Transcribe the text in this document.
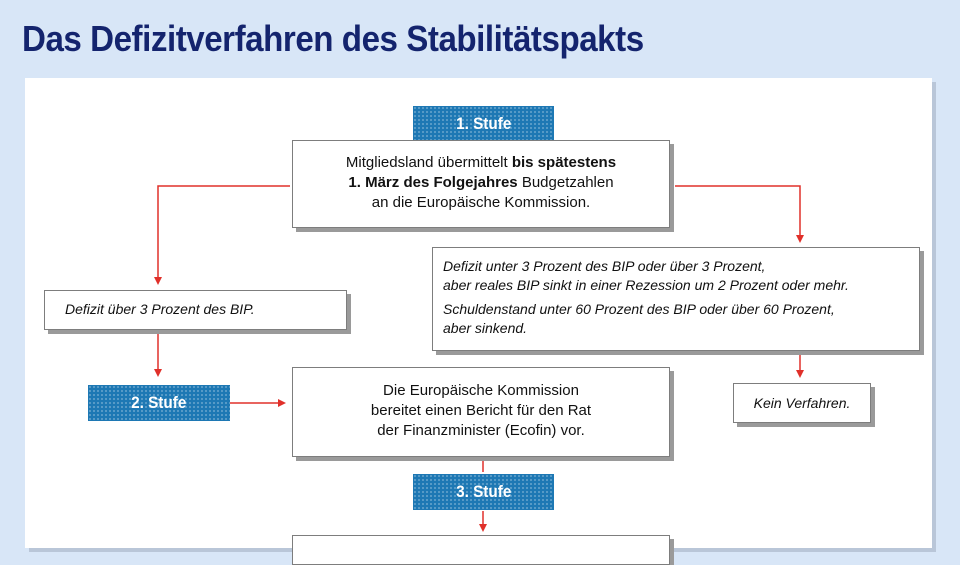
Das Defizitverfahren des Stabilitätspakts
1. Stufe
2. Stufe
3. Stufe

Mitgliedsland übermittelt bis spätestens

1. März des Folgejahres Budgetzahlen

an die Europäische Kommission.

Defizit über 3 Prozent des BIP.

Defizit unter 3 Prozent des BIP oder über 3 Prozent,

aber reales BIP sinkt in einer Rezession um 2 Prozent oder mehr.

Schuldenstand unter 60 Prozent des BIP oder über 60 Prozent,

aber sinkend.

Die Europäische Kommission

bereitet einen Bericht für den Rat

der Finanzminister (Ecofin) vor.

Kein Verfahren.
